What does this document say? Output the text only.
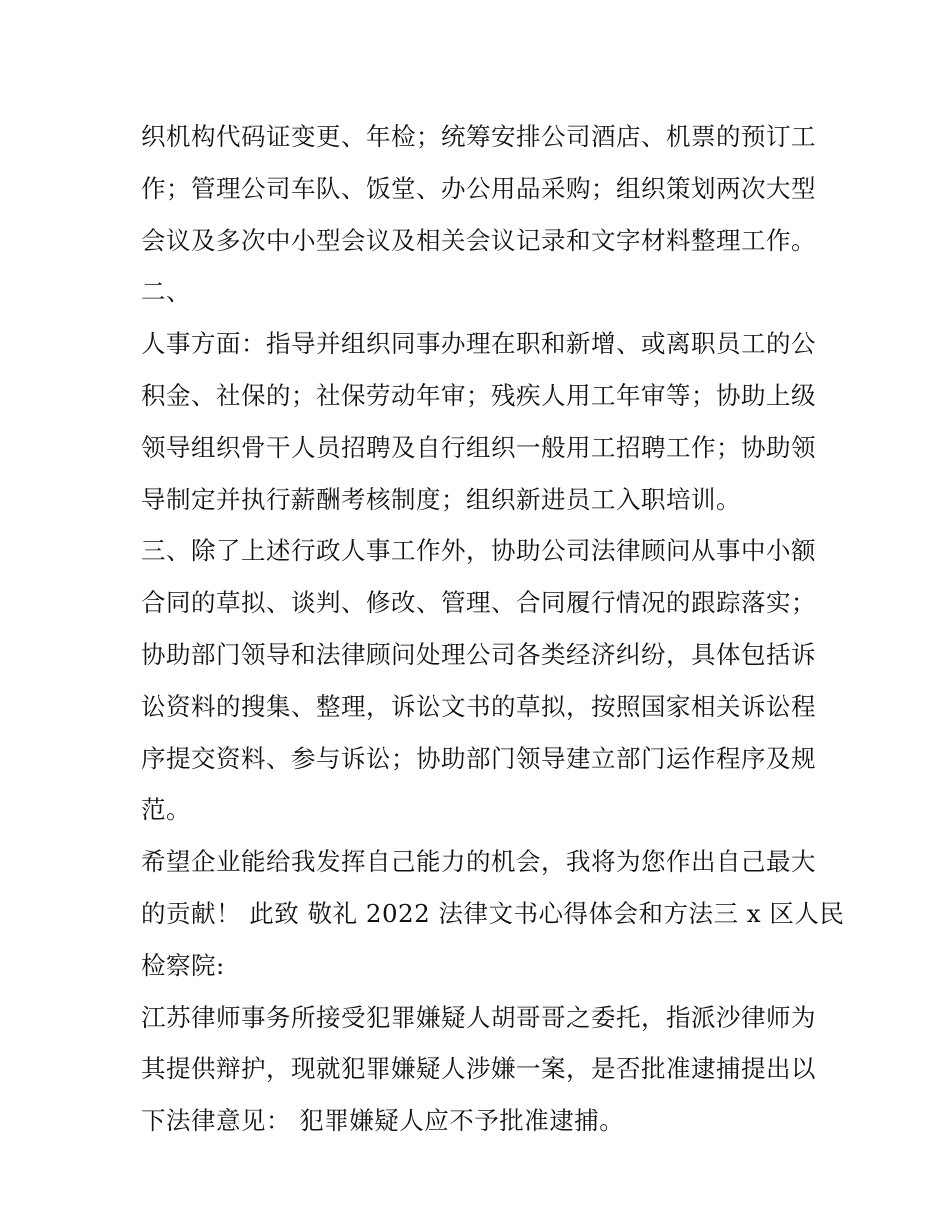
织机构代码证变更、年检；统筹安排公司酒店、机票的预订工
作；管理公司车队、饭堂、办公用品采购；组织策划两次大型
会议及多次中小型会议及相关会议记录和文字材料整理工作。
二、
人事方面：指导并组织同事办理在职和新增、或离职员工的公
积金、社保的；社保劳动年审；残疾人用工年审等；协助上级
领导组织骨干人员招聘及自行组织一般用工招聘工作；协助领
导制定并执行薪酬考核制度；组织新进员工入职培训。
三、除了上述行政人事工作外，协助公司法律顾问从事中小额
合同的草拟、谈判、修改、管理、合同履行情况的跟踪落实；
协助部门领导和法律顾问处理公司各类经济纠纷，具体包括诉
讼资料的搜集、整理，诉讼文书的草拟，按照国家相关诉讼程
序提交资料、参与诉讼；协助部门领导建立部门运作程序及规
范。
希望企业能给我发挥自己能力的机会，我将为您作出自己最大
的贡献！ 此致 敬礼 2022 法律文书心得体会和方法三 x 区人民
检察院:
江苏律师事务所接受犯罪嫌疑人胡哥哥之委托，指派沙律师为
其提供辩护，现就犯罪嫌疑人涉嫌一案，是否批准逮捕提出以
下法律意见： 犯罪嫌疑人应不予批准逮捕。
